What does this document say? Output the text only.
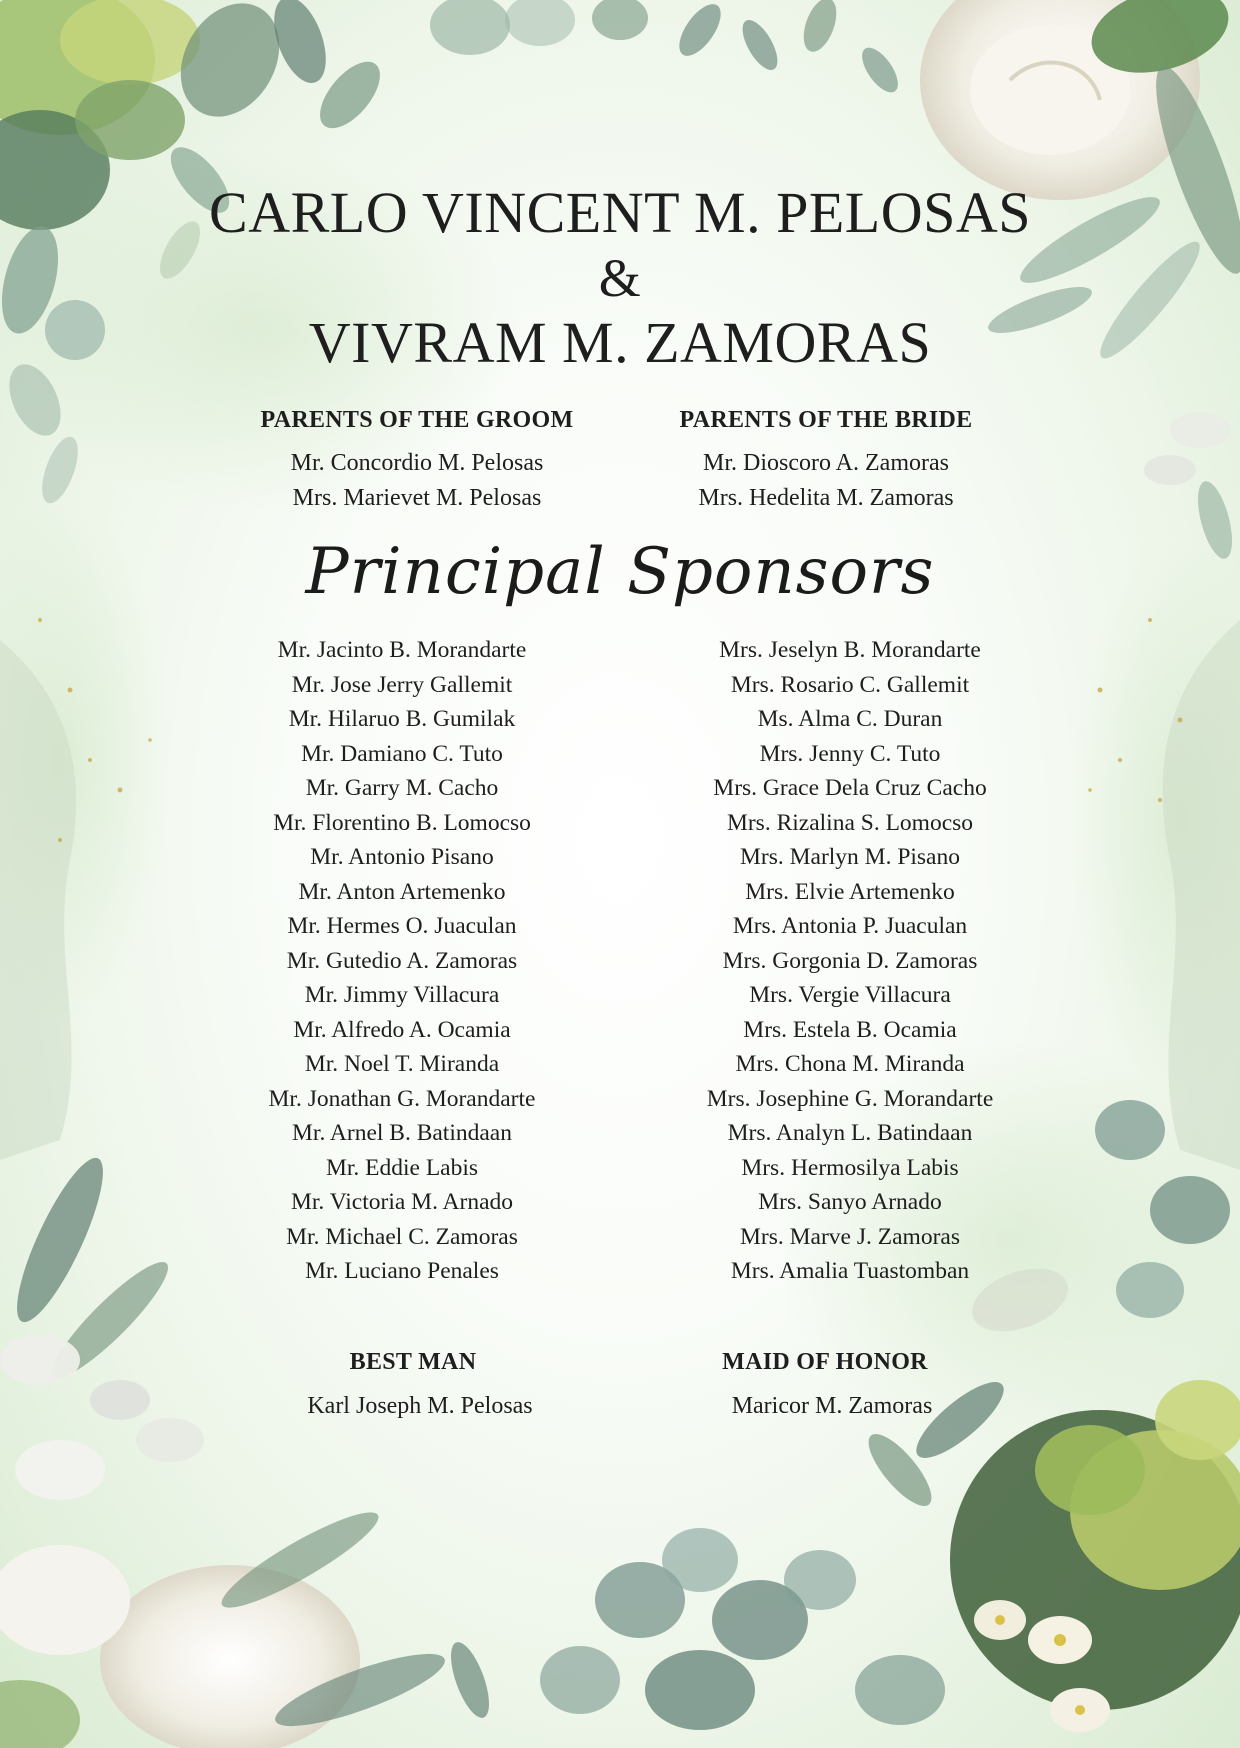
CARLO VINCENT M. PELOSAS
&
VIVRAM M. ZAMORAS
PARENTS OF THE GROOM
Mr. Concordio M. Pelosas
Mrs. Marievet M. Pelosas
PARENTS OF THE BRIDE
Mr. Dioscoro A. Zamoras
Mrs. Hedelita M. Zamoras
Principal Sponsors
Mr. Jacinto B. Morandarte
Mr. Jose Jerry Gallemit
Mr. Hilaruo B. Gumilak
Mr. Damiano C. Tuto
Mr. Garry M. Cacho
Mr. Florentino B. Lomocso
Mr. Antonio Pisano
Mr. Anton Artemenko
Mr. Hermes O. Juaculan
Mr. Gutedio A. Zamoras
Mr. Jimmy Villacura
Mr. Alfredo A. Ocamia
Mr. Noel T. Miranda
Mr. Jonathan G. Morandarte
Mr. Arnel B. Batindaan
Mr. Eddie Labis
Mr. Victoria M. Arnado
Mr. Michael C. Zamoras
Mr. Luciano Penales
Mrs. Jeselyn B. Morandarte
Mrs. Rosario C. Gallemit
Ms. Alma C. Duran
Mrs. Jenny C. Tuto
Mrs. Grace Dela Cruz Cacho
Mrs. Rizalina S. Lomocso
Mrs. Marlyn M. Pisano
Mrs. Elvie Artemenko
Mrs. Antonia P. Juaculan
Mrs. Gorgonia D. Zamoras
Mrs. Vergie Villacura
Mrs. Estela B. Ocamia
Mrs. Chona M. Miranda
Mrs. Josephine G. Morandarte
Mrs. Analyn L. Batindaan
Mrs. Hermosilya Labis
Mrs. Sanyo Arnado
Mrs. Marve J. Zamoras
Mrs. Amalia Tuastomban
BEST MAN
Karl Joseph M. Pelosas
MAID OF HONOR
Maricor M. Zamoras
